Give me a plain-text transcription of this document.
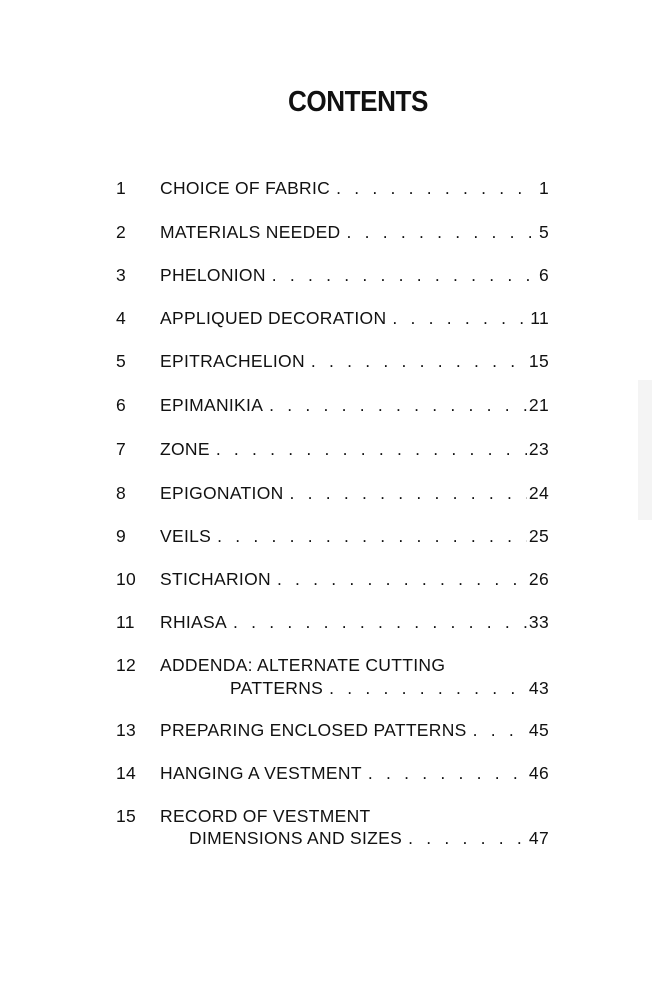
CONTENTS
1	CHOICE OF FABRIC . . .	1
2	MATERIALS NEEDED . . .	5
3	PHELONION . . .	6
4	APPLIQUED DECORATION . . .	11
5	EPITRACHELION . . .	15
6	EPIMANIKIA . . .	21
7	ZONE . . .	23
8	EPIGONATION . . .	24
9	VEILS . . .	25
10	STICHARION . . .	26
11	RHIASA . . .	33
12	ADDENDA: ALTERNATE CUTTING
PATTERNS . . .	43
13	PREPARING ENCLOSED PATTERNS . . .	45
14	HANGING A VESTMENT . . .	46
15	RECORD OF VESTMENT
DIMENSIONS AND SIZES . . .	47
